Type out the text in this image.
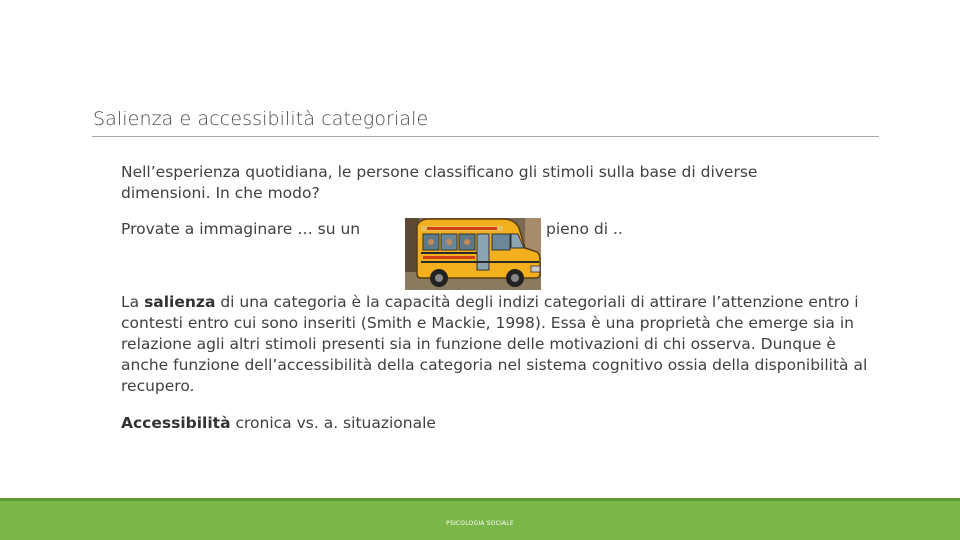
Salienza e accessibilità categoriale
Nell’esperienza quotidiana, le persone classificano gli stimoli sulla base di diverse dimensioni. In che modo?
Provate a immaginare … su un	pieno di ..
La salienza di una categoria è la capacità degli indizi categoriali di attirare l’attenzione entro i contesti entro cui sono inseriti (Smith e Mackie, 1998). Essa è una proprietà che emerge sia in relazione agli altri stimoli presenti sia in funzione delle motivazioni di chi osserva. Dunque è anche funzione dell’accessibilità della categoria nel sistema cognitivo ossia della disponibilità al recupero.
Accessibilità cronica vs. a. situazionale
PSICOLOGIA SOCIALE
